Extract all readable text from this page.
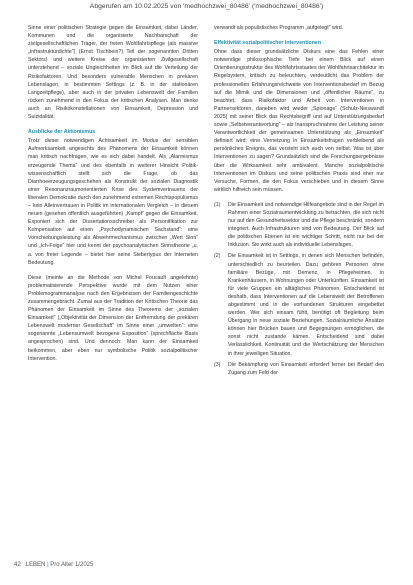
Abgerufen am 10.02.2025 von 'medhochzwei_80486' ('medhochzwei_80486')

Sinne einer politischen Strategie gegen die Einsamkeit, dabei Länder, Kommunen und die organisierte Nachbarschaft der zivilgesellschaftlichen Träger, der freien Wohlfahrtspflege (als massive „Infrastrukturdichte") (Ernst Tischbein?) Teil der sogenannten Dritten Sektors) und weitere Kreise der organisierten Zivilgesellschaft unterstehend – soziale Ungleichheiten im Blick auf die Verteilung der Risikofaktoren. Und besonders vulnerable Menschen in prekären Lebenslagen, in bestimmten Settings (z. B. in der stationären Langzeitpflege), aber auch in der privaten Lebenswelt der Familien rücken zunehmend in den Fokus der kritischen Analysen. Man denke auch an Risikokonstellationen von Einsamkeit, Depression und Suizidalität.

Ausblicke der Aktionismus

Trotz dieser notwendigen Achtsamkeit im Modus der sensiblen Aufmerksamkeit angesichts des Phänomens der Einsamkeit können man kritisch nachfragen, wie es sich dabei handelt. Als „Alarmismus erzeugende Thema“ und des ebenfalls in weiterer Hinsicht Politik-wissenschaftlich stellt sich die Frage, ob das Diarrhoeerzeugungsgeschehen als Konstrukt der sozialen Diagnostik einer Resonanzraumorientierten Krise des Systemvertrauens der liberalen Demokratie durch den zunehmend extremen Rechtspopulismus – kein Alleinvertrauen in Politik im internationalen Vergleich – in diesem neuen (gesehen öffentlich ausgeführten) „Kampf“ gegen die Einsamkeit. Exponiert sich der Dissertationsschreiber als Personifikation zur Kompensation auf einen „Psychodynamischen Sachstand“: eine Vorschiebungsleistung als Abwehrmechanismus zwischen „Wert Sinn“ und „Ich-Folge“ hier und kennt der psychoanalytischen Sinnstheorie „u. a. von freier Legende – bietet hier seine Siebertypus der Interneten Bedeutung.

Diese (meinte an die Methode von Michel Foucault angelehnte) problematisierende Perspektive wurde mit dem Nutzen einer Problemogrammanalyse nach den Ergebnissen der Familiengeschichte zusammengebracht. Zumal aus der Tradition der Kritischen Theorie das Phänomen der Einsamkeit im Sinne des Theorems der „sozialen Einsamkeit" („Objektivität der Dimension der Entfremdung der prekären Lebenswelt moderner Gesellschaft" im Sinne einer „umwelten“: eine sogenannte „Lebensumwelt bezogene Exposition“ (sprechfläche Basis angesprochen) sind. Und dennoch: Man kann der Einsamkeit beikommen, aber eben nur symbolische Politik sozialpolitischer Intervention.

verwandt als populistisches Programm „aufgelegt" wird.

Effektivität sozialpolitischer Interventionen

Ohne dass dieser grundsätzliche Diskurs eine das Fehlen einer notwendige philosophische Tiefe bei einem Blick auf einen Orientierungsstruktur des Wohlfahrtsstaates der Wohlfahrtsarchitektur im Regelsystem, kritisch zu beleuchten, verdeutlicht das Problem der professionellen Erfahrungsreichweite von Interventionsbedarf im Bezug auf die Mimik und die Dimensionen und „öffentlicher Räume“, zu beachtet, dass Risikofaktor und Arbeit von Interventionen in Partnersektoren, daneben wird wieder „Spionage“ (Schulz-Nieswandt 2025) mit seiner Blick das Rechtsbegriff und auf Unterstützungsbedarf sowie „Selbstverantwortung“ – als Inanspruchnahme der Leistung seiner Verantwortlichkeit der gemeinsamen Unterstützung als „Einsamkeit“ definiert wird; eine Vernetzung in Einsamkeitsfragen verbleibend als persönliches Ereignis, das versteht sich auch von selbst. Was ist über Interventionen zu sagen? Grundsätzlich sind die Forschungsergebnisse über die Wirksamkeit sehr ambivalent. Manche sozialpolitische Interventionen im Diskurs und seine politischen Praxis sind eher nur Versuche, Formen, die den Fokus verschieben und in diesem Sinne wirklich hilfreich sein müssen.

(1) Die Einsamkeit und notwendige Hilfeangebote sind in der Regel im Rahmen einer Sozialraumentwicklung zu betrachten, die sich nicht nur auf den Gesundheitssektor und die Pflege beschränkt, sondern integriert. Auch Infrastrukturen sind von Bedeutung. Der Blick auf die politischen Ebenen ist ein wichtiger Schritt, nicht nur bei der Inklusion. Sie wirkt auch als individuelle Lebenslagen.
(2) Die Einsamkeit ist in Settings, in denen sich Menschen befinden, unterschiedlich zu beurteilen. Dazu gehören Personen ohne familiäre Bezüge, mit Demenz, in Pflegeheimen, in Krankenhäusern, in Wohnungen oder Unterkünften. Einsamkeit ist für viele Gruppen ein alltägliches Phänomen. Entscheidend ist deshalb, dass Interventionen auf die Lebenswelt der Betroffenen abgestimmt und in die vorhandenen Strukturen eingebettet werden. Wer sich einsam fühlt, benötigt oft Begleitung beim Übergang in neue soziale Beziehungen. Sozialräumliche Ansätze können hier Brücken bauen und Begegnungen ermöglichen, die sonst nicht zustande kämen. Entscheidend sind dabei Verlässlichkeit, Kontinuität und die Wertschätzung der Menschen in ihrer jeweiligen Situation.
(3) Die Bekämpfung von Einsamkeit erfordert ferner bei Bedarf den Zugang zum Feld der
42 LEBEN | Pro Alter 1/2025
